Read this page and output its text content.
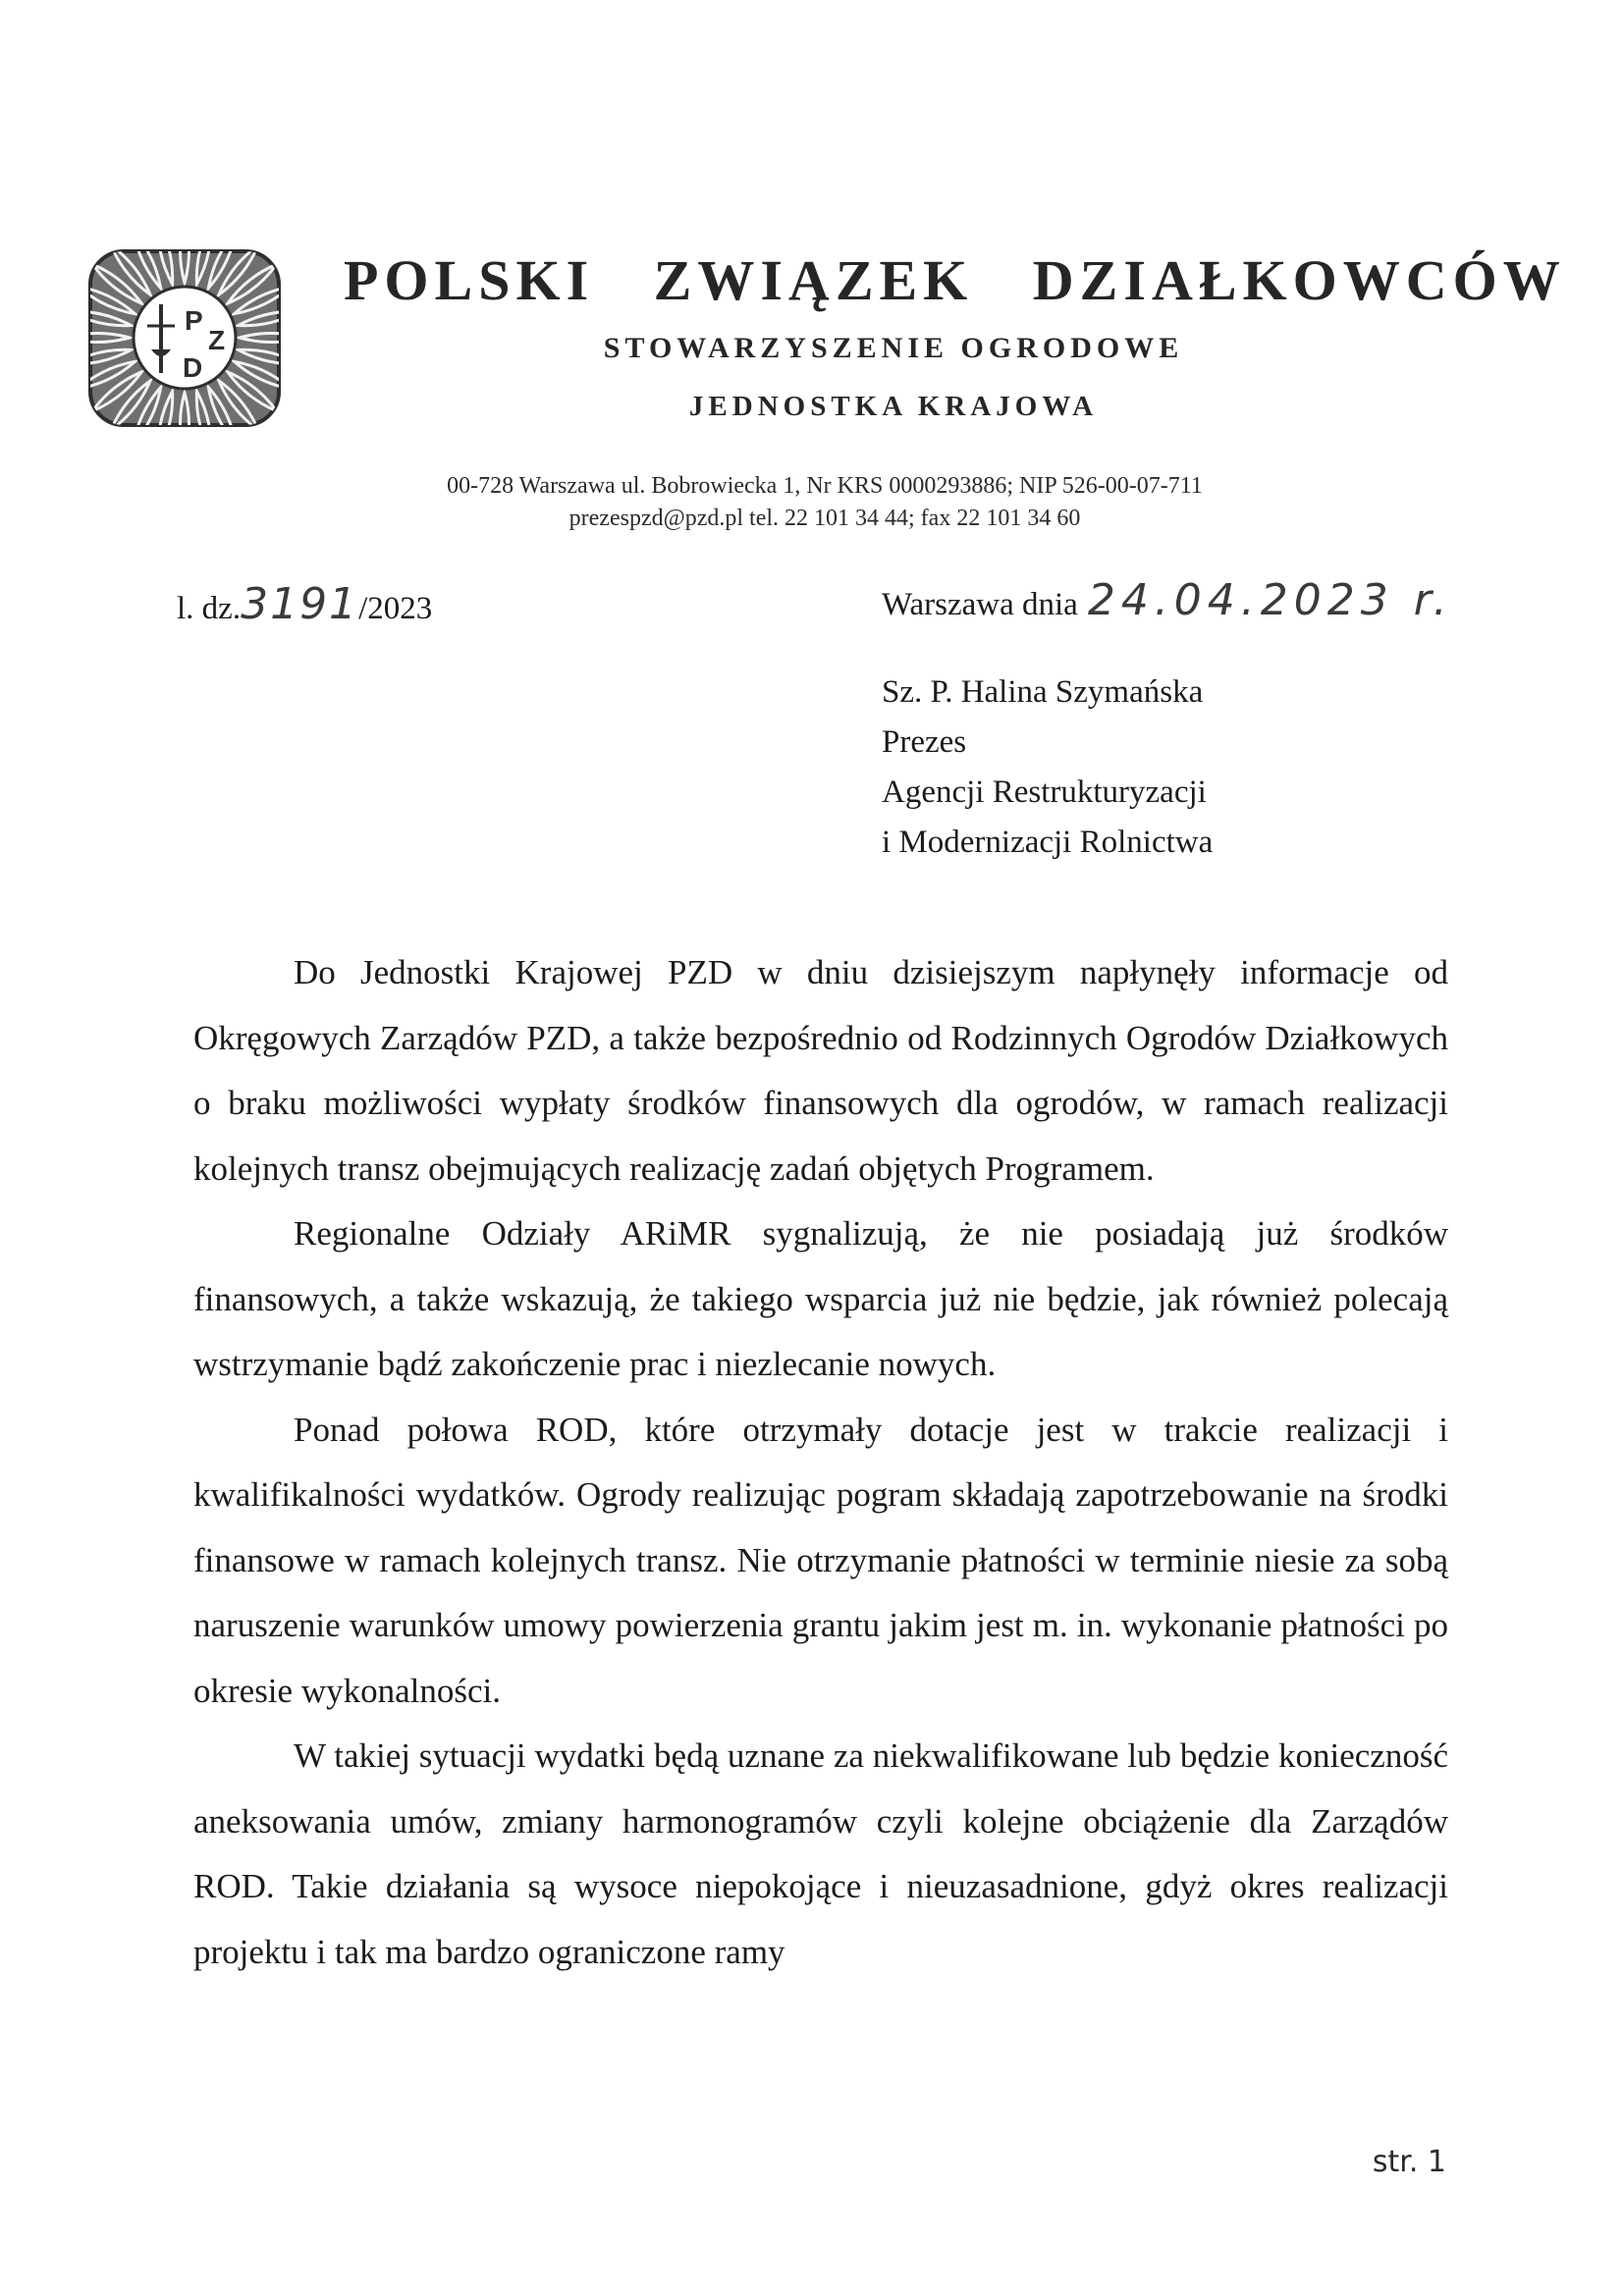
P
Z
D
POLSKI ZWIĄZEK DZIAŁKOWCÓW
STOWARZYSZENIE OGRODOWE
JEDNOSTKA KRAJOWA
00-728 Warszawa ul. Bobrowiecka 1, Nr KRS 0000293886; NIP 526-00-07-711
prezespzd@pzd.pl tel. 22 101 34 44; fax 22 101 34 60
l. dz.3191/2023	Warszawa dnia 24.04.2023 r.
Sz. P. Halina Szymańska
Prezes
Agencji Restrukturyzacji
i Modernizacji Rolnictwa

Do Jednostki Krajowej PZD w dniu dzisiejszym napłynęły informacje od Okręgowych Zarządów PZD, a także bezpośrednio od Rodzinnych Ogrodów Działkowych o braku możliwości wypłaty środków finansowych dla ogrodów, w ramach realizacji kolejnych transz obejmujących realizację zadań objętych Programem.

Regionalne Odziały ARiMR sygnalizują, że nie posiadają już środków finansowych, a także wskazują, że takiego wsparcia już nie będzie, jak również polecają wstrzymanie bądź zakończenie prac i niezlecanie nowych.

Ponad połowa ROD, które otrzymały dotacje jest w trakcie realizacji i kwalifikalności wydatków. Ogrody realizując pogram składają zapotrzebowanie na środki finansowe w ramach kolejnych transz. Nie otrzymanie płatności w terminie niesie za sobą naruszenie warunków umowy powierzenia grantu jakim jest m. in. wykonanie płatności po okresie wykonalności.

W takiej sytuacji wydatki będą uznane za niekwalifikowane lub będzie konieczność aneksowania umów, zmiany harmonogramów czyli kolejne obciążenie dla Zarządów ROD. Takie działania są wysoce niepokojące i nieuzasadnione, gdyż okres realizacji projektu i tak ma bardzo ograniczone ramy

str. 1
